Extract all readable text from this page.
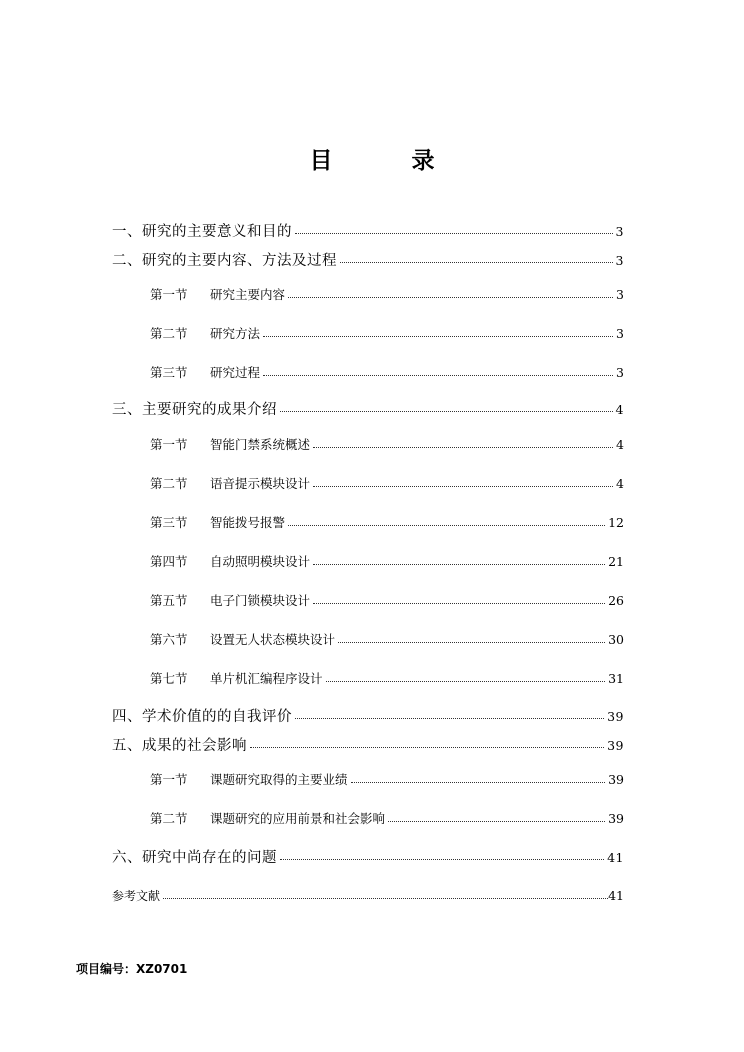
目　录
一、研究的主要意义和目的	3
二、研究的主要内容、方法及过程	3
第一节 研究主要内容	3
第二节 研究方法	3
第三节 研究过程	3
三、主要研究的成果介绍	4
第一节 智能门禁系统概述	4
第二节 语音提示模块设计	4
第三节 智能拨号报警	12
第四节 自动照明模块设计	21
第五节 电子门锁模块设计	26
第六节 设置无人状态模块设计	30
第七节 单片机汇编程序设计	31
四、学术价值的的自我评价	39
五、成果的社会影响	39
第一节 课题研究取得的主要业绩	39
第二节 课题研究的应用前景和社会影响	39
六、研究中尚存在的问题	41
参考文献	41
项目编号：XZ0701
